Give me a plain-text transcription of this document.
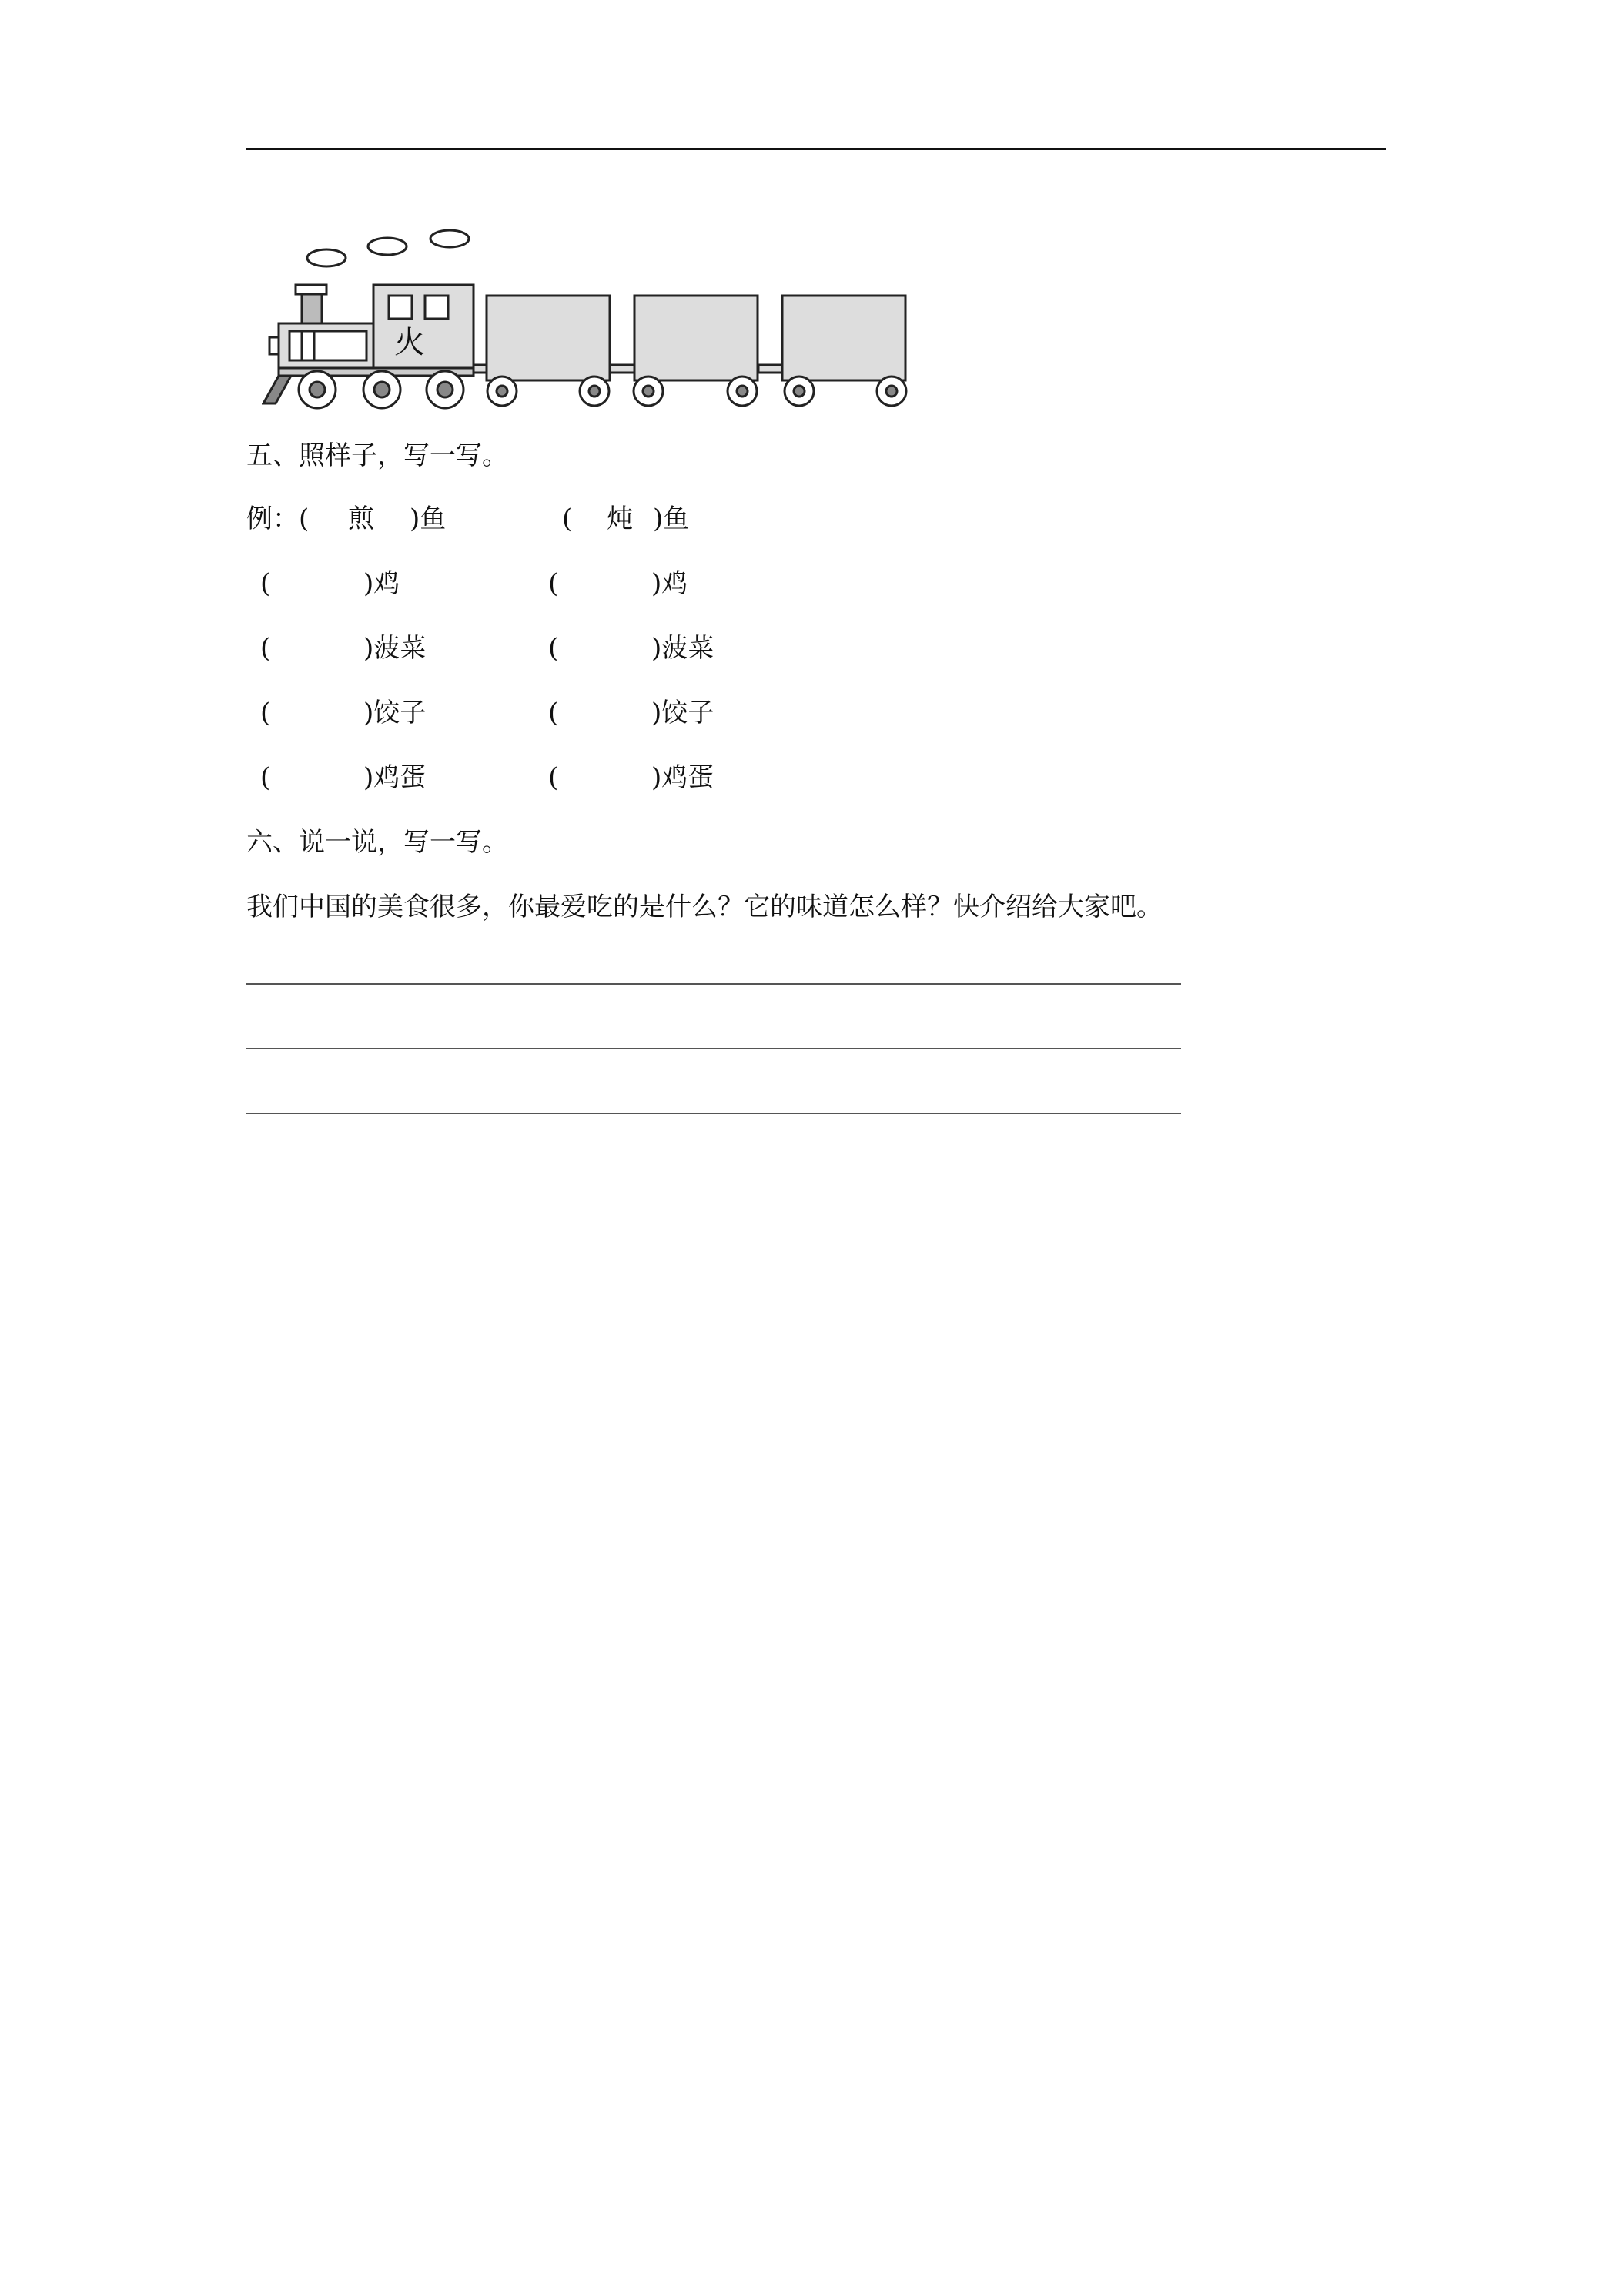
火
五、照样子，写一写。
例：( 煎 )鱼	( 炖 )鱼
(	)鸡	(	)鸡
(	)菠菜	(	)菠菜
(	)饺子	(	)饺子
(	)鸡蛋	(	)鸡蛋
六、说一说，写一写。
我们中国的美食很多，你最爱吃的是什么？它的味道怎么样？快介绍给大家吧。
